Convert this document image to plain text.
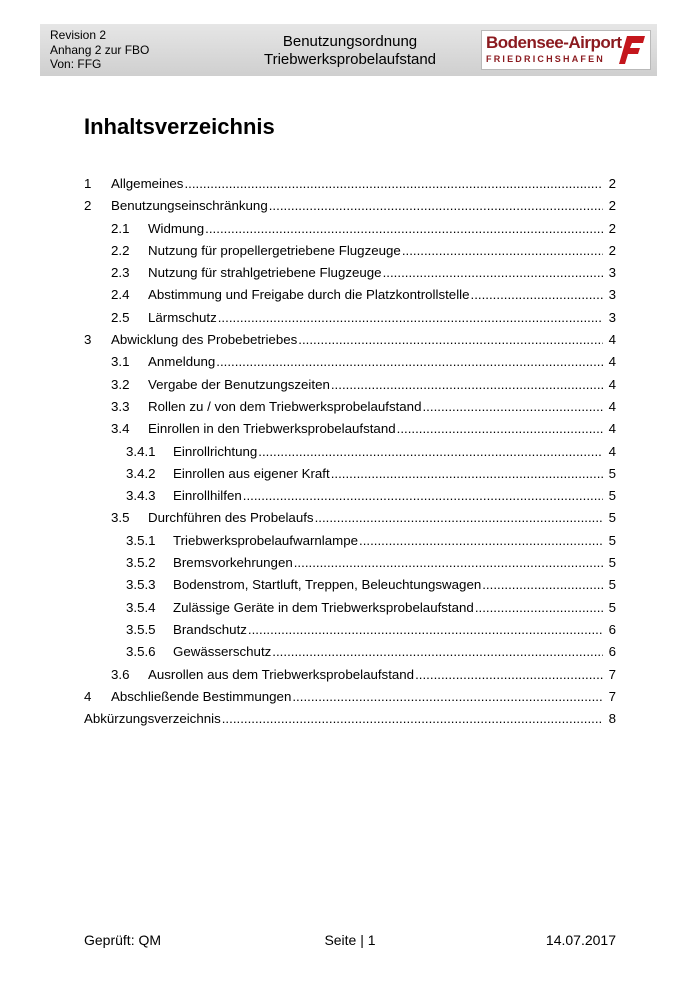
Revision 2
Anhang 2 zur FBO
Von: FFG
Benutzungsordnung
Triebwerksprobelaufstand
Bodensee-Airport
FRIEDRICHSHAFEN
Inhaltsverzeichnis
1	Allgemeines .....	2
2	Benutzungseinschränkung .....	2
2.1	Widmung .....	2
2.2	Nutzung für propellergetriebene Flugzeuge .....	2
2.3	Nutzung für strahlgetriebene Flugzeuge .....	3
2.4	Abstimmung und Freigabe durch die Platzkontrollstelle .....	3
2.5	Lärmschutz .....	3
3	Abwicklung des Probebetriebes .....	4
3.1	Anmeldung .....	4
3.2	Vergabe der Benutzungszeiten .....	4
3.3	Rollen zu / von dem Triebwerksprobelaufstand .....	4
3.4	Einrollen in den Triebwerksprobelaufstand .....	4
3.4.1	Einrollrichtung .....	4
3.4.2	Einrollen aus eigener Kraft .....	5
3.4.3	Einrollhilfen .....	5
3.5	Durchführen des Probelaufs .....	5
3.5.1	Triebwerksprobelaufwarnlampe .....	5
3.5.2	Bremsvorkehrungen .....	5
3.5.3	Bodenstrom, Startluft, Treppen, Beleuchtungswagen .....	5
3.5.4	Zulässige Geräte in dem Triebwerksprobelaufstand .....	5
3.5.5	Brandschutz .....	6
3.5.6	Gewässerschutz .....	6
3.6	Ausrollen aus dem Triebwerksprobelaufstand .....	7
4	Abschließende Bestimmungen .....	7
Abkürzungsverzeichnis .....	8
Geprüft: QM	Seite | 1	14.07.2017
